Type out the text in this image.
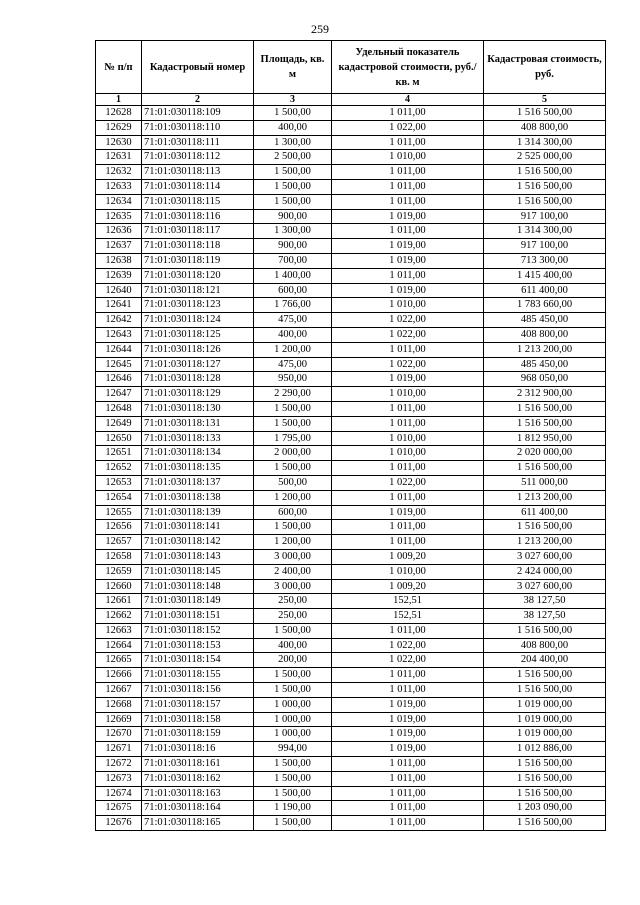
259
№ п/п	Кадастровый номер	Площадь, кв. м	Удельный показатель кадастровой стоимости, руб./кв. м	Кадастровая стоимость, руб.
1	2	3	4	5
12628	71:01:030118:109	1 500,00	1 011,00	1 516 500,00
12629	71:01:030118:110	400,00	1 022,00	408 800,00
12630	71:01:030118:111	1 300,00	1 011,00	1 314 300,00
12631	71:01:030118:112	2 500,00	1 010,00	2 525 000,00
12632	71:01:030118:113	1 500,00	1 011,00	1 516 500,00
12633	71:01:030118:114	1 500,00	1 011,00	1 516 500,00
12634	71:01:030118:115	1 500,00	1 011,00	1 516 500,00
12635	71:01:030118:116	900,00	1 019,00	917 100,00
12636	71:01:030118:117	1 300,00	1 011,00	1 314 300,00
12637	71:01:030118:118	900,00	1 019,00	917 100,00
12638	71:01:030118:119	700,00	1 019,00	713 300,00
12639	71:01:030118:120	1 400,00	1 011,00	1 415 400,00
12640	71:01:030118:121	600,00	1 019,00	611 400,00
12641	71:01:030118:123	1 766,00	1 010,00	1 783 660,00
12642	71:01:030118:124	475,00	1 022,00	485 450,00
12643	71:01:030118:125	400,00	1 022,00	408 800,00
12644	71:01:030118:126	1 200,00	1 011,00	1 213 200,00
12645	71:01:030118:127	475,00	1 022,00	485 450,00
12646	71:01:030118:128	950,00	1 019,00	968 050,00
12647	71:01:030118:129	2 290,00	1 010,00	2 312 900,00
12648	71:01:030118:130	1 500,00	1 011,00	1 516 500,00
12649	71:01:030118:131	1 500,00	1 011,00	1 516 500,00
12650	71:01:030118:133	1 795,00	1 010,00	1 812 950,00
12651	71:01:030118:134	2 000,00	1 010,00	2 020 000,00
12652	71:01:030118:135	1 500,00	1 011,00	1 516 500,00
12653	71:01:030118:137	500,00	1 022,00	511 000,00
12654	71:01:030118:138	1 200,00	1 011,00	1 213 200,00
12655	71:01:030118:139	600,00	1 019,00	611 400,00
12656	71:01:030118:141	1 500,00	1 011,00	1 516 500,00
12657	71:01:030118:142	1 200,00	1 011,00	1 213 200,00
12658	71:01:030118:143	3 000,00	1 009,20	3 027 600,00
12659	71:01:030118:145	2 400,00	1 010,00	2 424 000,00
12660	71:01:030118:148	3 000,00	1 009,20	3 027 600,00
12661	71:01:030118:149	250,00	152,51	38 127,50
12662	71:01:030118:151	250,00	152,51	38 127,50
12663	71:01:030118:152	1 500,00	1 011,00	1 516 500,00
12664	71:01:030118:153	400,00	1 022,00	408 800,00
12665	71:01:030118:154	200,00	1 022,00	204 400,00
12666	71:01:030118:155	1 500,00	1 011,00	1 516 500,00
12667	71:01:030118:156	1 500,00	1 011,00	1 516 500,00
12668	71:01:030118:157	1 000,00	1 019,00	1 019 000,00
12669	71:01:030118:158	1 000,00	1 019,00	1 019 000,00
12670	71:01:030118:159	1 000,00	1 019,00	1 019 000,00
12671	71:01:030118:16	994,00	1 019,00	1 012 886,00
12672	71:01:030118:161	1 500,00	1 011,00	1 516 500,00
12673	71:01:030118:162	1 500,00	1 011,00	1 516 500,00
12674	71:01:030118:163	1 500,00	1 011,00	1 516 500,00
12675	71:01:030118:164	1 190,00	1 011,00	1 203 090,00
12676	71:01:030118:165	1 500,00	1 011,00	1 516 500,00
